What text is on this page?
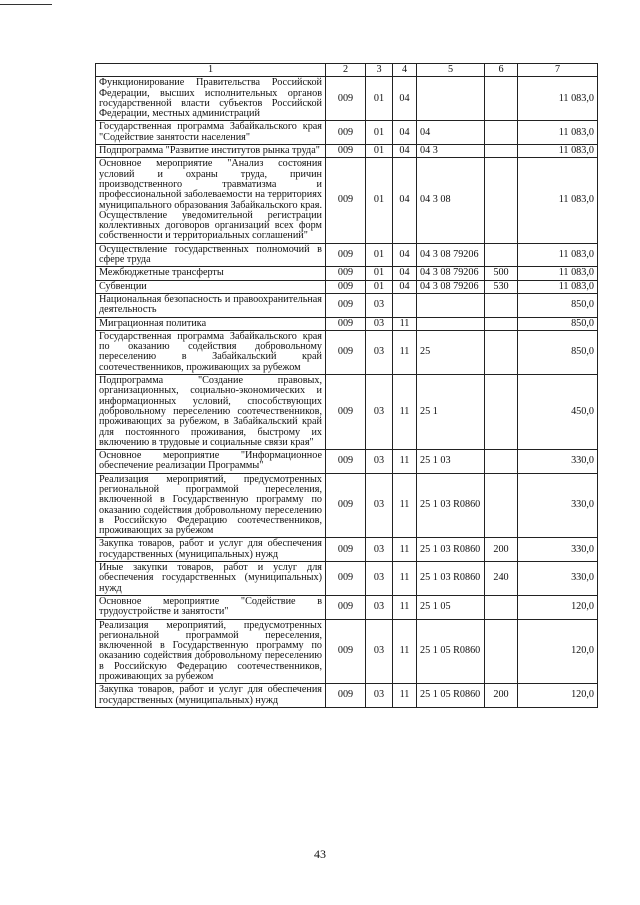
1	2	3	4	5	6	7
Функционирование Правительства Российской Федерации, высших исполнительных органов государственной власти субъектов Российской Федерации, местных администраций	009	01	04			11 083,0
Государственная программа Забайкальского края "Содействие занятости населения"	009	01	04	04		11 083,0
Подпрограмма "Развитие институтов рынка труда"	009	01	04	04 3		11 083,0
Основное мероприятие "Анализ состояния условий и охраны труда, причин производственного травматизма и профессиональной заболеваемости на территориях муниципального образования Забайкальского края. Осуществление уведомительной регистрации коллективных договоров организаций всех форм собственности и территориальных соглашений"	009	01	04	04 3 08		11 083,0
Осуществление государственных полномочий в сфере труда	009	01	04	04 3 08 79206		11 083,0
Межбюджетные трансферты	009	01	04	04 3 08 79206	500	11 083,0
Субвенции	009	01	04	04 3 08 79206	530	11 083,0
Национальная безопасность и правоохранительная деятельность	009	03				850,0
Миграционная политика	009	03	11			850,0
Государственная программа Забайкальского края по оказанию содействия добровольному переселению в Забайкальский край соотечественников, проживающих за рубежом	009	03	11	25		850,0
Подпрограмма "Создание правовых, организационных, социально-экономических и информационных условий, способствующих добровольному переселению соотечественников, проживающих за рубежом, в Забайкальский край для постоянного проживания, быстрому их включению в трудовые и социальные связи края"	009	03	11	25 1		450,0
Основное мероприятие "Информационное обеспечение реализации Программы"	009	03	11	25 1 03		330,0
Реализация мероприятий, предусмотренных региональной программой переселения, включенной в Государственную программу по оказанию содействия добровольному переселению в Российскую Федерацию соотечественников, проживающих за рубежом	009	03	11	25 1 03 R0860		330,0
Закупка товаров, работ и услуг для обеспечения государственных (муниципальных) нужд	009	03	11	25 1 03 R0860	200	330,0
Иные закупки товаров, работ и услуг для обеспечения государственных (муниципальных) нужд	009	03	11	25 1 03 R0860	240	330,0
Основное мероприятие "Содействие в трудоустройстве и занятости"	009	03	11	25 1 05		120,0
Реализация мероприятий, предусмотренных региональной программой переселения, включенной в Государственную программу по оказанию содействия добровольному переселению в Российскую Федерацию соотечественников, проживающих за рубежом	009	03	11	25 1 05 R0860		120,0
Закупка товаров, работ и услуг для обеспечения государственных (муниципальных) нужд	009	03	11	25 1 05 R0860	200	120,0
43
